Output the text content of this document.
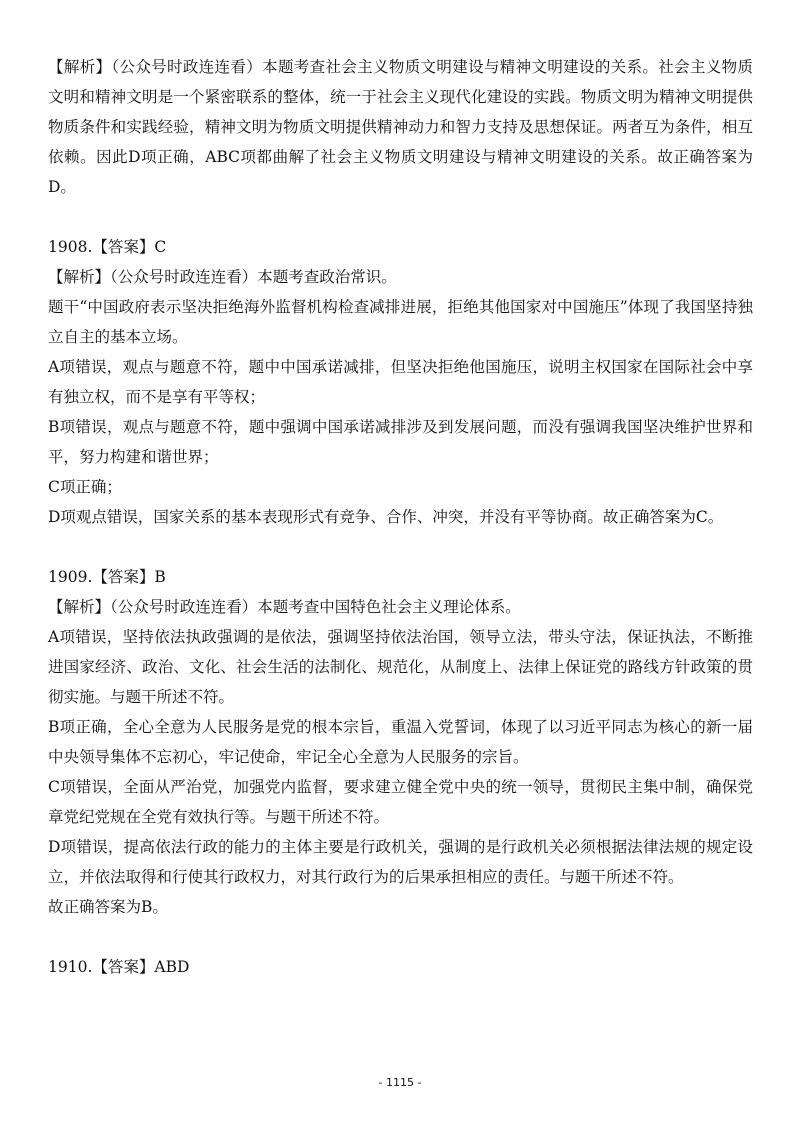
【解析】（公众号时政连连看）本题考查社会主义物质文明建设与精神文明建设的关系。社会主义物质文明和精神文明是一个紧密联系的整体，统一于社会主义现代化建设的实践。物质文明为精神文明提供物质条件和实践经验，精神文明为物质文明提供精神动力和智力支持及思想保证。两者互为条件，相互依赖。因此D项正确，ABC项都曲解了社会主义物质文明建设与精神文明建设的关系。故正确答案为D。

1908.【答案】C

【解析】（公众号时政连连看）本题考查政治常识。

题干“中国政府表示坚决拒绝海外监督机构检查减排进展，拒绝其他国家对中国施压”体现了我国坚持独立自主的基本立场。

A项错误，观点与题意不符，题中中国承诺减排，但坚决拒绝他国施压，说明主权国家在国际社会中享有独立权，而不是享有平等权；

B项错误，观点与题意不符，题中强调中国承诺减排涉及到发展问题，而没有强调我国坚决维护世界和平，努力构建和谐世界；

C项正确；

D项观点错误，国家关系的基本表现形式有竞争、合作、冲突，并没有平等协商。故正确答案为C。

1909.【答案】B

【解析】（公众号时政连连看）本题考查中国特色社会主义理论体系。

A项错误，坚持依法执政强调的是依法，强调坚持依法治国，领导立法，带头守法，保证执法，不断推进国家经济、政治、文化、社会生活的法制化、规范化，从制度上、法律上保证党的路线方针政策的贯彻实施。与题干所述不符。

B项正确，全心全意为人民服务是党的根本宗旨，重温入党誓词，体现了以习近平同志为核心的新一届中央领导集体不忘初心，牢记使命，牢记全心全意为人民服务的宗旨。

C项错误，全面从严治党，加强党内监督，要求建立健全党中央的统一领导，贯彻民主集中制，确保党章党纪党规在全党有效执行等。与题干所述不符。

D项错误，提高依法行政的能力的主体主要是行政机关，强调的是行政机关必须根据法律法规的规定设立，并依法取得和行使其行政权力，对其行政行为的后果承担相应的责任。与题干所述不符。

故正确答案为B。

1910.【答案】ABD

- 1115 -
